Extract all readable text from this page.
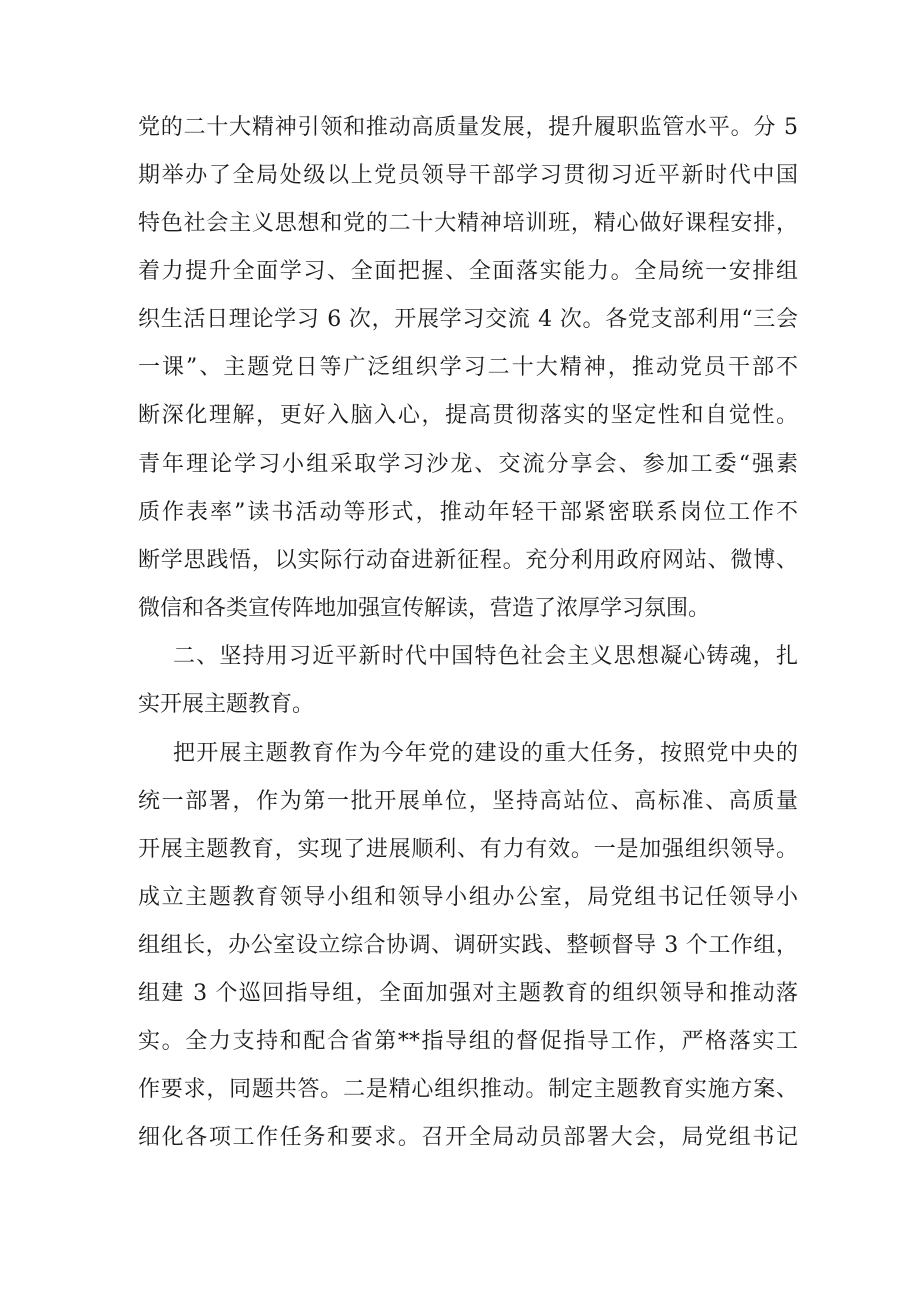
党的二十大精神引领和推动高质量发展，提升履职监管水平。分 5

期举办了全局处级以上党员领导干部学习贯彻习近平新时代中国

特色社会主义思想和党的二十大精神培训班，精心做好课程安排，

着力提升全面学习、全面把握、全面落实能力。全局统一安排组

织生活日理论学习 6 次，开展学习交流 4 次。各党支部利用“三会

一课”、主题党日等广泛组织学习二十大精神，推动党员干部不

断深化理解，更好入脑入心，提高贯彻落实的坚定性和自觉性。

青年理论学习小组采取学习沙龙、交流分享会、参加工委“强素

质作表率”读书活动等形式，推动年轻干部紧密联系岗位工作不

断学思践悟，以实际行动奋进新征程。充分利用政府网站、微博、

微信和各类宣传阵地加强宣传解读，营造了浓厚学习氛围。

二、坚持用习近平新时代中国特色社会主义思想凝心铸魂，扎

实开展主题教育。

把开展主题教育作为今年党的建设的重大任务，按照党中央的

统一部署，作为第一批开展单位，坚持高站位、高标准、高质量

开展主题教育，实现了进展顺利、有力有效。一是加强组织领导。

成立主题教育领导小组和领导小组办公室，局党组书记任领导小

组组长，办公室设立综合协调、调研实践、整顿督导 3 个工作组，

组建 3 个巡回指导组，全面加强对主题教育的组织领导和推动落

实。全力支持和配合省第**指导组的督促指导工作，严格落实工

作要求，同题共答。二是精心组织推动。制定主题教育实施方案、

细化各项工作任务和要求。召开全局动员部署大会，局党组书记
